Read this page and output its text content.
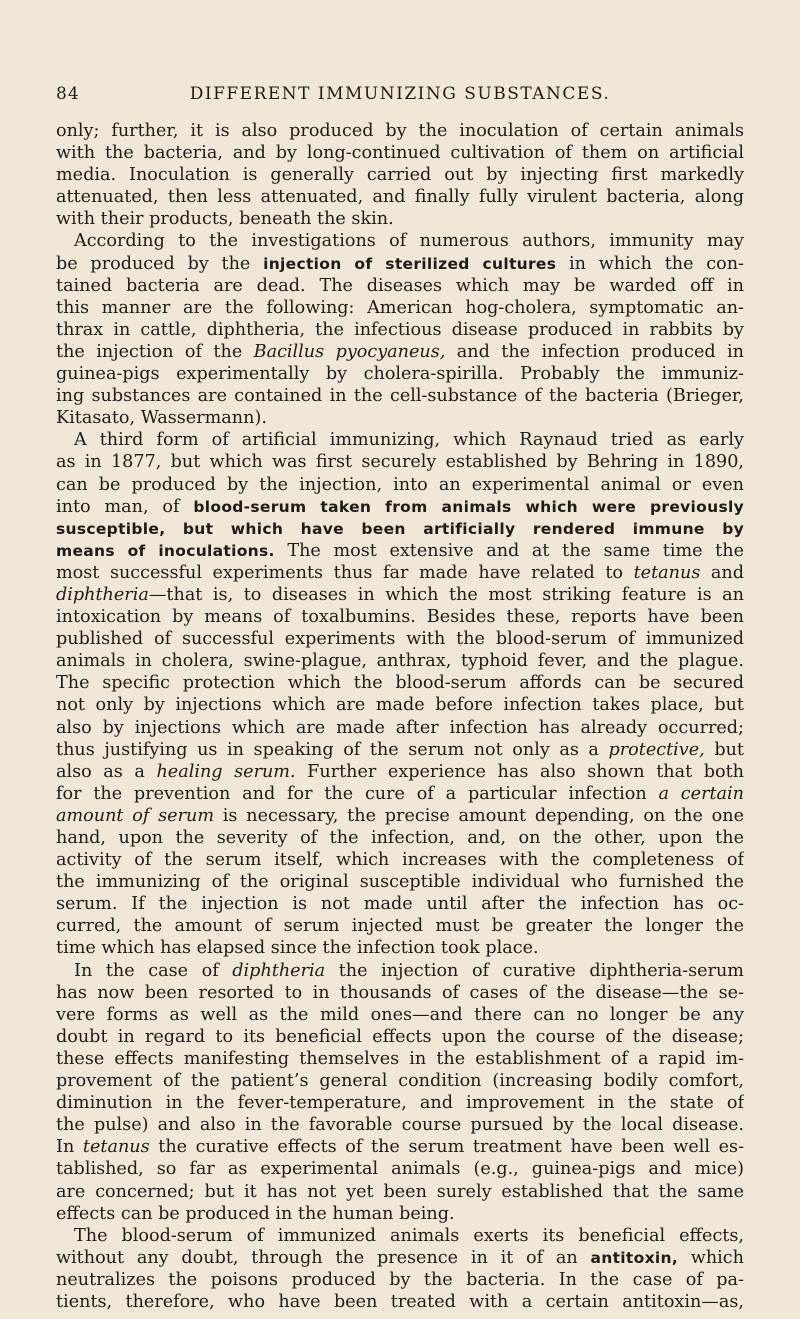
84	DIFFERENT IMMUNIZING SUBSTANCES.
only; further, it is also produced by the inoculation of certain animals
with the bacteria, and by long-continued cultivation of them on artificial
media. Inoculation is generally carried out by injecting first markedly
attenuated, then less attenuated, and finally fully virulent bacteria, along
with their products, beneath the skin.
According to the investigations of numerous authors, immunity may
be produced by the injection of sterilized cultures in which the con-
tained bacteria are dead. The diseases which may be warded off in
this manner are the following: American hog-cholera, symptomatic an-
thrax in cattle, diphtheria, the infectious disease produced in rabbits by
the injection of the Bacillus pyocyaneus, and the infection produced in
guinea-pigs experimentally by cholera-spirilla. Probably the immuniz-
ing substances are contained in the cell-substance of the bacteria (Brieger,
Kitasato, Wassermann).
A third form of artificial immunizing, which Raynaud tried as early
as in 1877, but which was first securely established by Behring in 1890,
can be produced by the injection, into an experimental animal or even
into man, of blood-serum taken from animals which were previously
susceptible, but which have been artificially rendered immune by
means of inoculations. The most extensive and at the same time the
most successful experiments thus far made have related to tetanus and
diphtheria—that is, to diseases in which the most striking feature is an
intoxication by means of toxalbumins. Besides these, reports have been
published of successful experiments with the blood-serum of immunized
animals in cholera, swine-plague, anthrax, typhoid fever, and the plague.
The specific protection which the blood-serum affords can be secured
not only by injections which are made before infection takes place, but
also by injections which are made after infection has already occurred;
thus justifying us in speaking of the serum not only as a protective, but
also as a healing serum. Further experience has also shown that both
for the prevention and for the cure of a particular infection a certain
amount of serum is necessary, the precise amount depending, on the one
hand, upon the severity of the infection, and, on the other, upon the
activity of the serum itself, which increases with the completeness of
the immunizing of the original susceptible individual who furnished the
serum. If the injection is not made until after the infection has oc-
curred, the amount of serum injected must be greater the longer the
time which has elapsed since the infection took place.
In the case of diphtheria the injection of curative diphtheria-serum
has now been resorted to in thousands of cases of the disease—the se-
vere forms as well as the mild ones—and there can no longer be any
doubt in regard to its beneficial effects upon the course of the disease;
these effects manifesting themselves in the establishment of a rapid im-
provement of the patient’s general condition (increasing bodily comfort,
diminution in the fever-temperature, and improvement in the state of
the pulse) and also in the favorable course pursued by the local disease.
In tetanus the curative effects of the serum treatment have been well es-
tablished, so far as experimental animals (e.g., guinea-pigs and mice)
are concerned; but it has not yet been surely established that the same
effects can be produced in the human being.
The blood-serum of immunized animals exerts its beneficial effects,
without any doubt, through the presence in it of an antitoxin, which
neutralizes the poisons produced by the bacteria. In the case of pa-
tients, therefore, who have been treated with a certain antitoxin—as,
